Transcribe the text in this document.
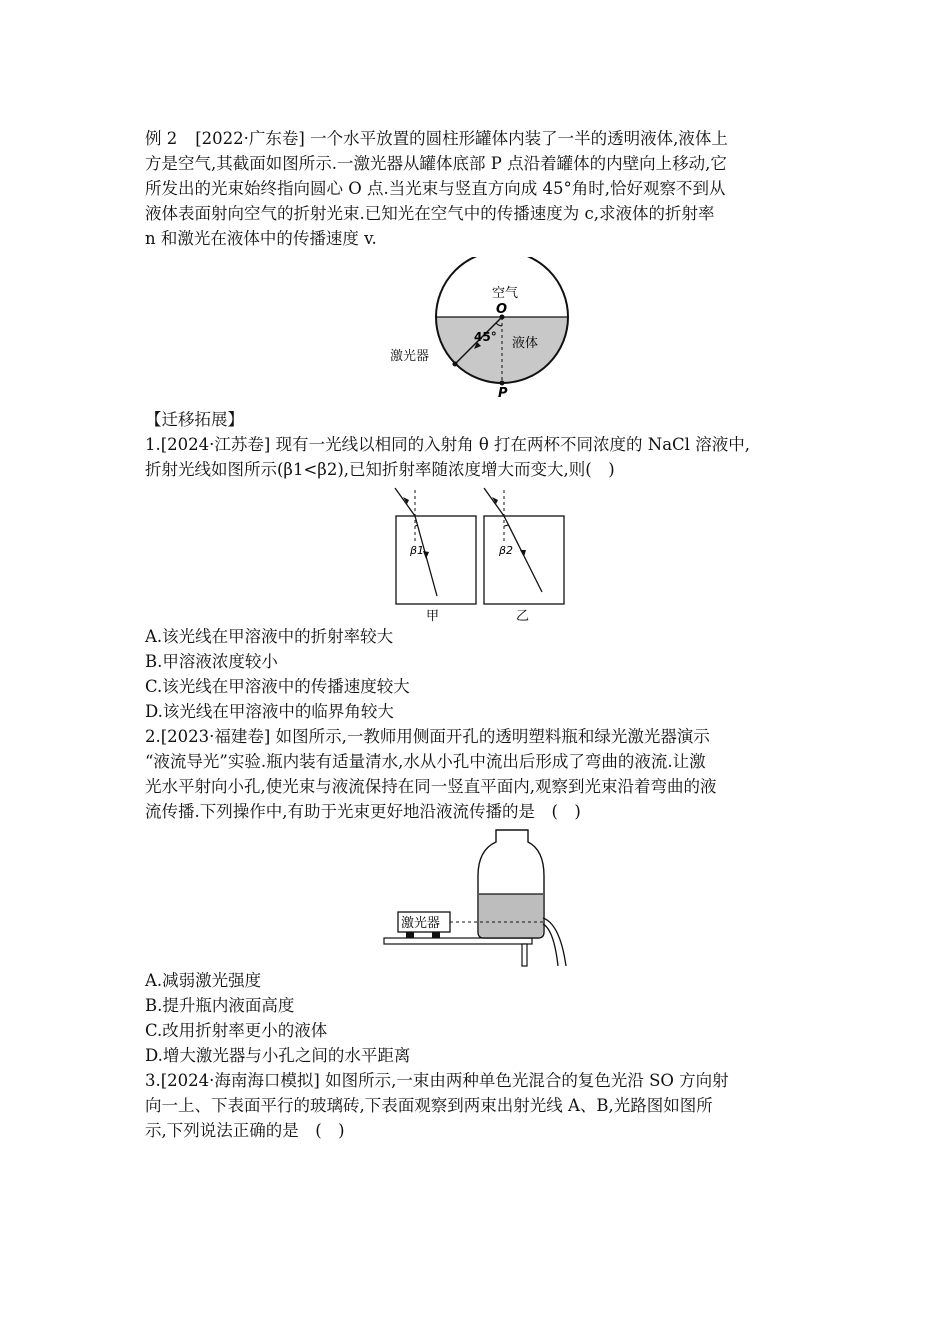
例 2 [2022·广东卷] 一个水平放置的圆柱形罐体内装了一半的透明液体,液体上

方是空气,其截面如图所示.一激光器从罐体底部 P 点沿着罐体的内壁向上移动,它

所发出的光束始终指向圆心 O 点.当光束与竖直方向成 45°角时,恰好观察不到从

液体表面射向空气的折射光束.已知光在空气中的传播速度为 c,求液体的折射率

n 和激光在液体中的传播速度 v.

空气
O
45° 液体
P
激光器

【迁移拓展】

1.[2024·江苏卷] 现有一光线以相同的入射角 θ 打在两杯不同浓度的 NaCl 溶液中,

折射光线如图所示(β1<β2),已知折射率随浓度增大而变大,则(　)

β1
甲
β2
乙

A.该光线在甲溶液中的折射率较大

B.甲溶液浓度较小

C.该光线在甲溶液中的传播速度较大

D.该光线在甲溶液中的临界角较大

2.[2023·福建卷] 如图所示,一教师用侧面开孔的透明塑料瓶和绿光激光器演示

“液流导光”实验.瓶内装有适量清水,水从小孔中流出后形成了弯曲的液流.让激

光水平射向小孔,使光束与液流保持在同一竖直平面内,观察到光束沿着弯曲的液

流传播.下列操作中,有助于光束更好地沿液流传播的是　(　)

激光器

A.减弱激光强度

B.提升瓶内液面高度

C.改用折射率更小的液体

D.增大激光器与小孔之间的水平距离

3.[2024·海南海口模拟] 如图所示,一束由两种单色光混合的复色光沿 SO 方向射

向一上、下表面平行的玻璃砖,下表面观察到两束出射光线 A、B,光路图如图所

示,下列说法正确的是　(　)
